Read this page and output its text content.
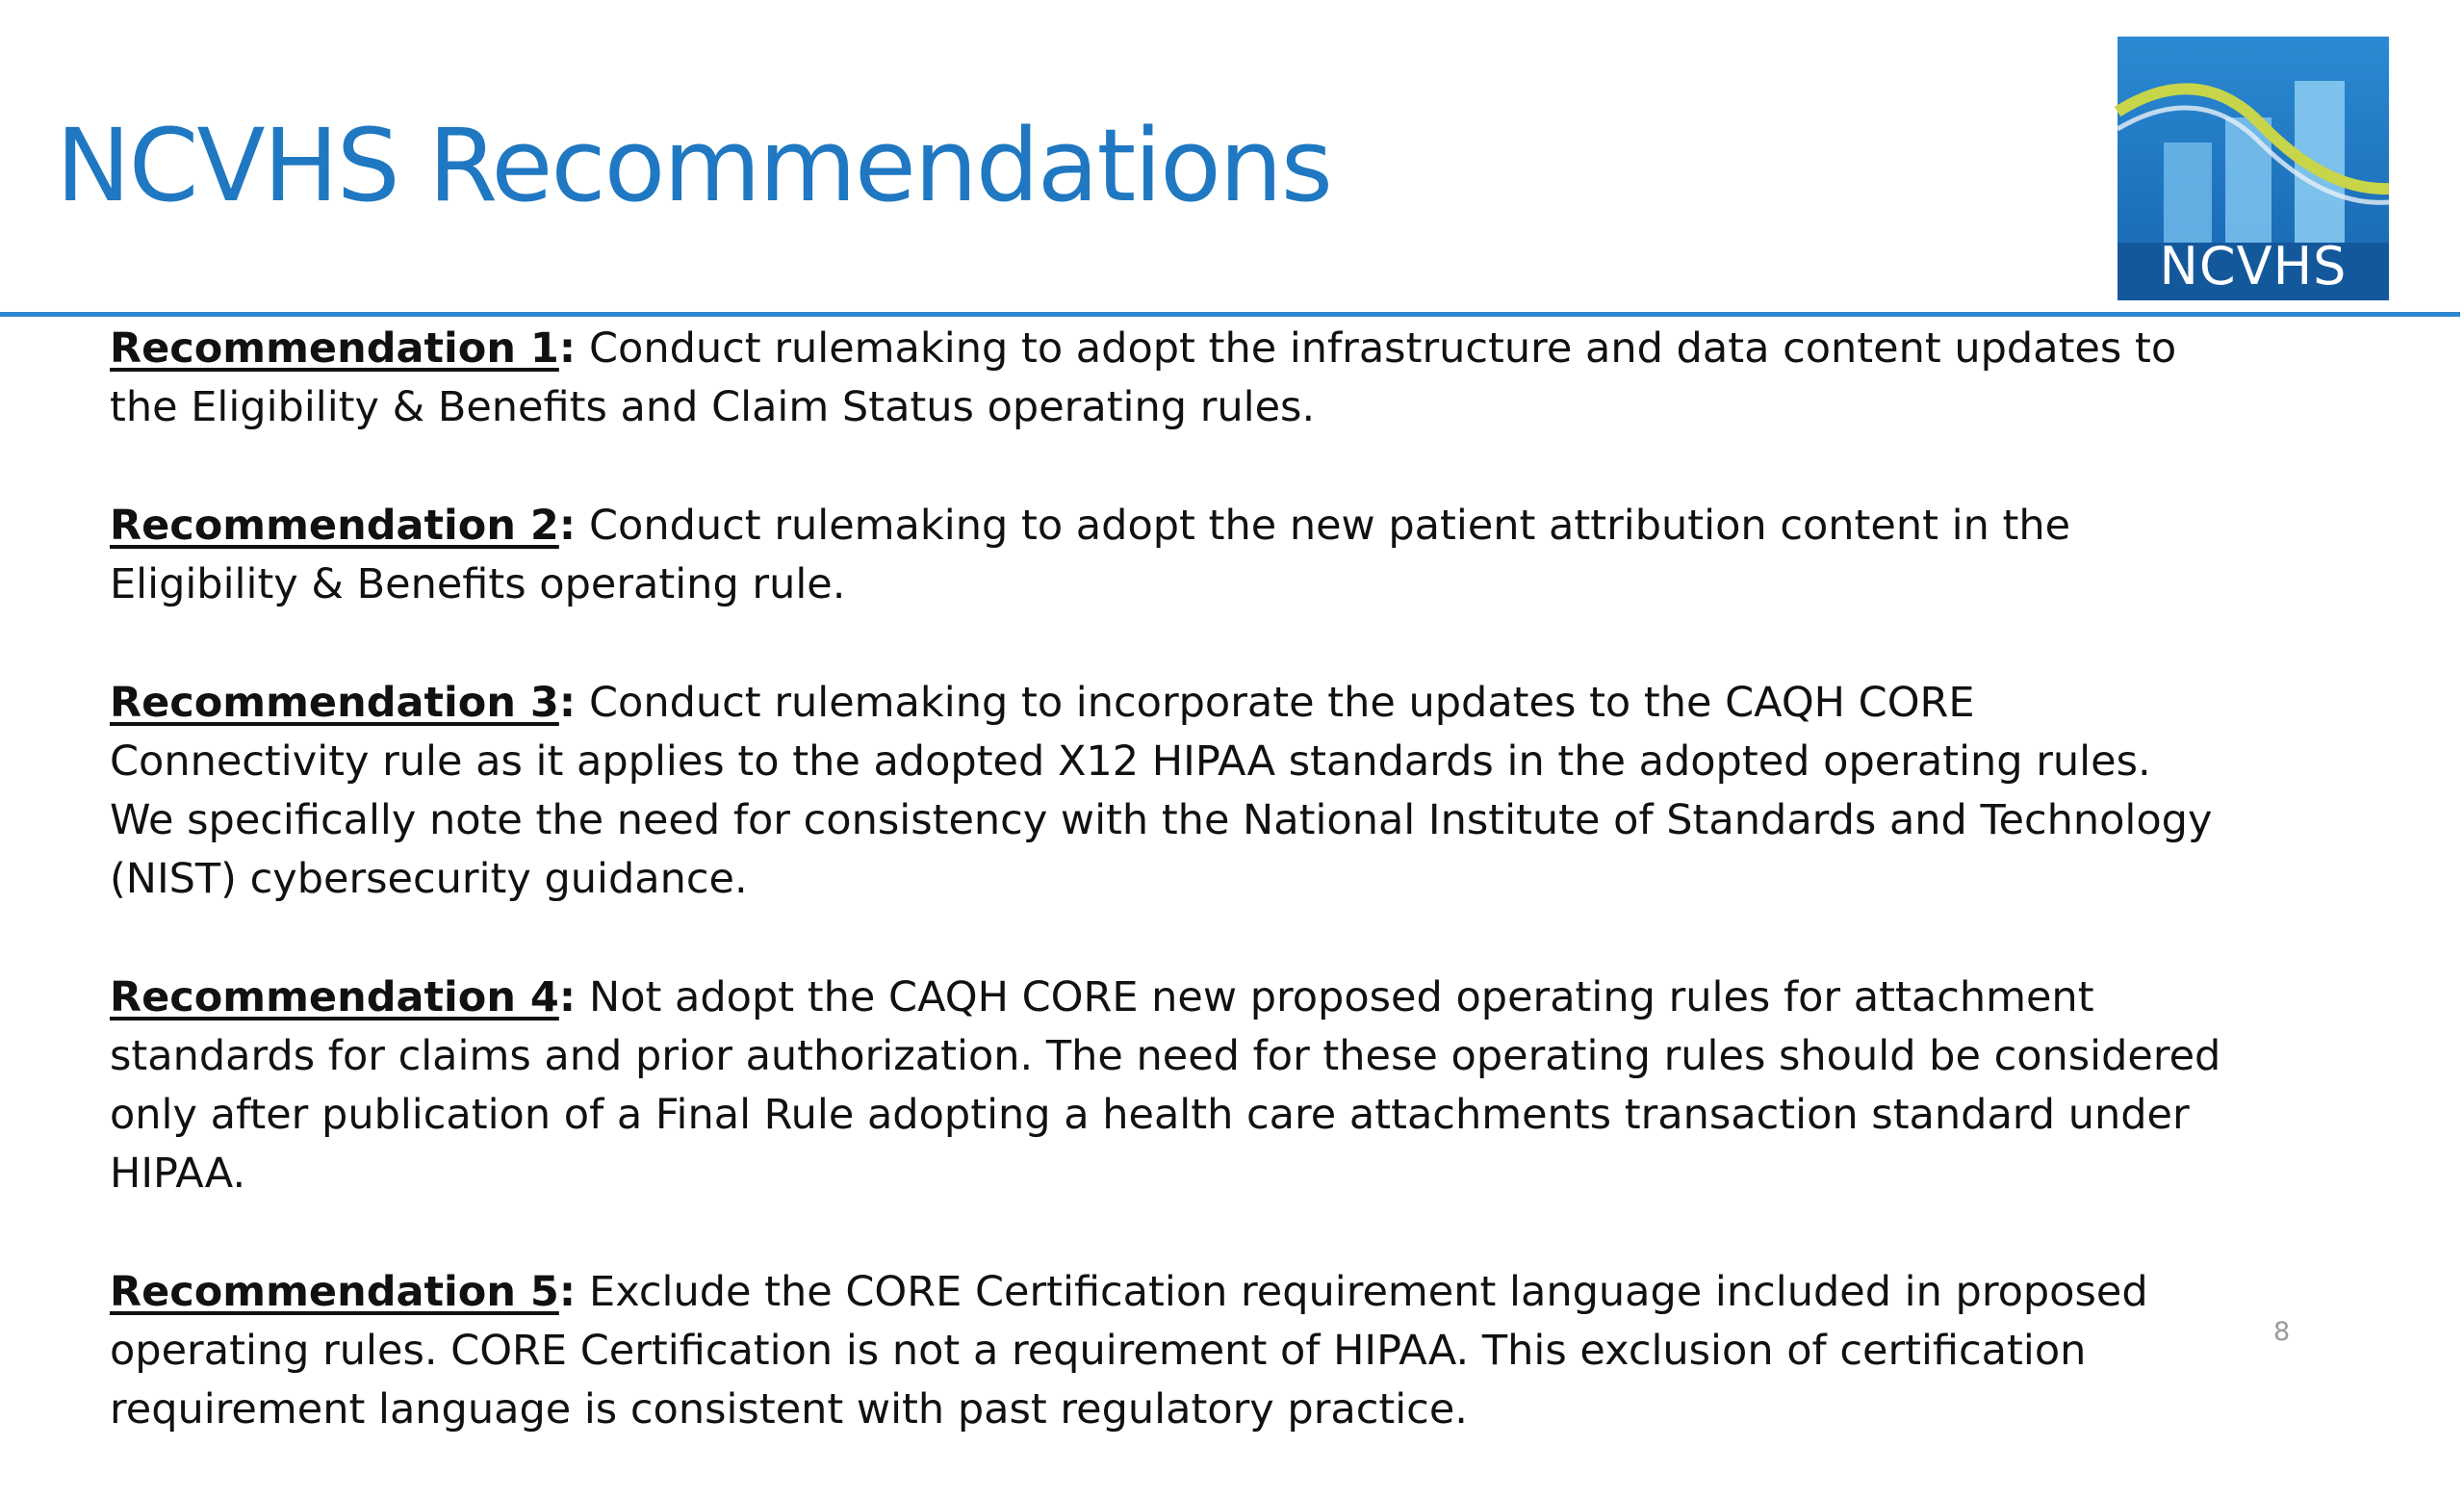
NCVHS Recommendations
NCVHS

Recommendation 1: Conduct rulemaking to adopt the infrastructure and data content updates to the Eligibility & Benefits and Claim Status operating rules.

Recommendation 2: Conduct rulemaking to adopt the new patient attribution content in the Eligibility & Benefits operating rule.

Recommendation 3: Conduct rulemaking to incorporate the updates to the CAQH CORE Connectivity rule as it applies to the adopted X12 HIPAA standards in the adopted operating rules. We specifically note the need for consistency with the National Institute of Standards and Technology (NIST) cybersecurity guidance.

Recommendation 4: Not adopt the CAQH CORE new proposed operating rules for attachment standards for claims and prior authorization. The need for these operating rules should be considered only after publication of a Final Rule adopting a health care attachments transaction standard under HIPAA.

Recommendation 5: Exclude the CORE Certification requirement language included in proposed operating rules. CORE Certification is not a requirement of HIPAA. This exclusion of certification requirement language is consistent with past regulatory practice.

8
